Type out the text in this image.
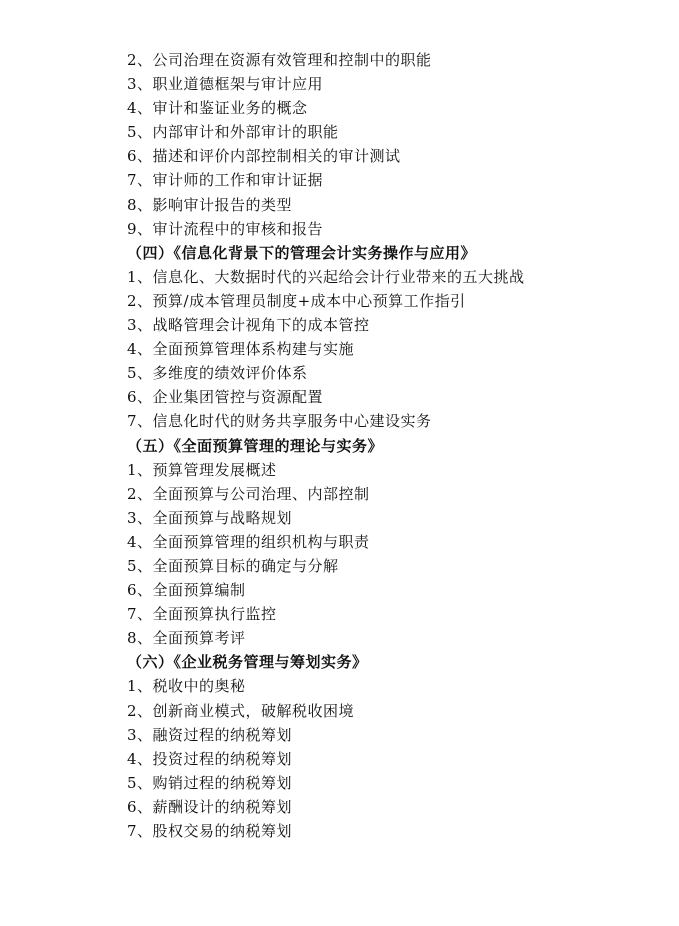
2、公司治理在资源有效管理和控制中的职能
3、职业道德框架与审计应用
4、审计和鉴证业务的概念
5、内部审计和外部审计的职能
6、描述和评价内部控制相关的审计测试
7、审计师的工作和审计证据
8、影响审计报告的类型
9、审计流程中的审核和报告
（四）《信息化背景下的管理会计实务操作与应用》
1、信息化、大数据时代的兴起给会计行业带来的五大挑战
2、预算/成本管理员制度+成本中心预算工作指引
3、战略管理会计视角下的成本管控
4、全面预算管理体系构建与实施
5、多维度的绩效评价体系
6、企业集团管控与资源配置
7、信息化时代的财务共享服务中心建设实务
（五）《全面预算管理的理论与实务》
1、预算管理发展概述
2、全面预算与公司治理、内部控制
3、全面预算与战略规划
4、全面预算管理的组织机构与职责
5、全面预算目标的确定与分解
6、全面预算编制
7、全面预算执行监控
8、全面预算考评
（六）《企业税务管理与筹划实务》
1、税收中的奥秘
2、创新商业模式，破解税收困境
3、融资过程的纳税筹划
4、投资过程的纳税筹划
5、购销过程的纳税筹划
6、薪酬设计的纳税筹划
7、股权交易的纳税筹划
